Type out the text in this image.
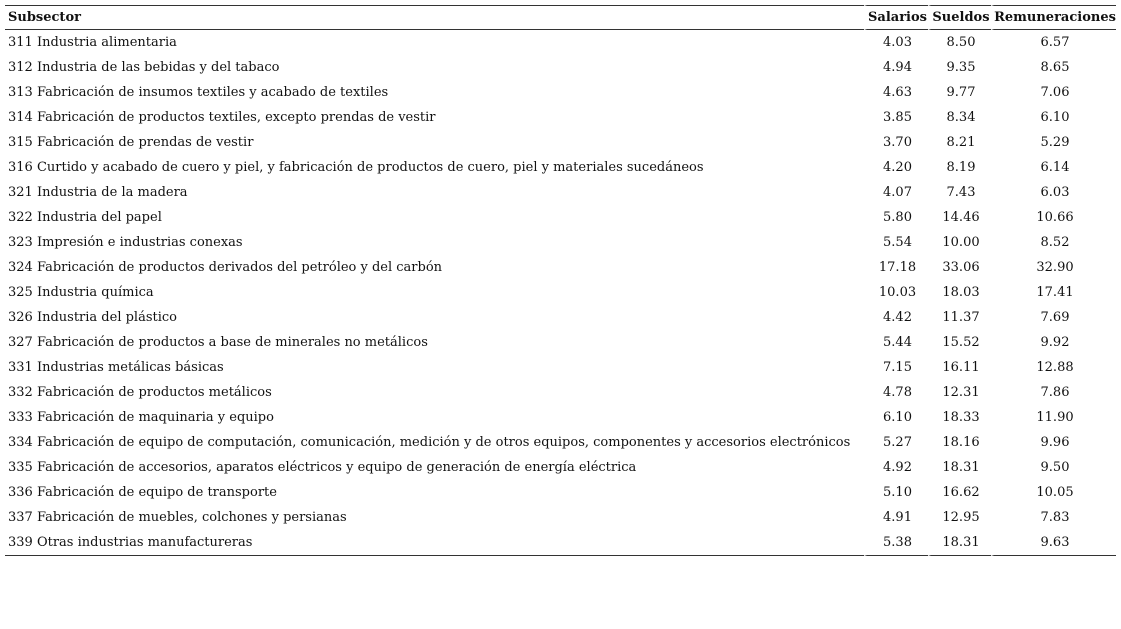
Subsector	Salarios	Sueldos	Remuneraciones
311 Industria alimentaria	4.03	8.50	6.57
312 Industria de las bebidas y del tabaco	4.94	9.35	8.65
313 Fabricación de insumos textiles y acabado de textiles	4.63	9.77	7.06
314 Fabricación de productos textiles, excepto prendas de vestir	3.85	8.34	6.10
315 Fabricación de prendas de vestir	3.70	8.21	5.29
316 Curtido y acabado de cuero y piel, y fabricación de productos de cuero, piel y materiales sucedáneos	4.20	8.19	6.14
321 Industria de la madera	4.07	7.43	6.03
322 Industria del papel	5.80	14.46	10.66
323 Impresión e industrias conexas	5.54	10.00	8.52
324 Fabricación de productos derivados del petróleo y del carbón	17.18	33.06	32.90
325 Industria química	10.03	18.03	17.41
326 Industria del plástico	4.42	11.37	7.69
327 Fabricación de productos a base de minerales no metálicos	5.44	15.52	9.92
331 Industrias metálicas básicas	7.15	16.11	12.88
332 Fabricación de productos metálicos	4.78	12.31	7.86
333 Fabricación de maquinaria y equipo	6.10	18.33	11.90
334 Fabricación de equipo de computación, comunicación, medición y de otros equipos, componentes y accesorios electrónicos	5.27	18.16	9.96
335 Fabricación de accesorios, aparatos eléctricos y equipo de generación de energía eléctrica	4.92	18.31	9.50
336 Fabricación de equipo de transporte	5.10	16.62	10.05
337 Fabricación de muebles, colchones y persianas	4.91	12.95	7.83
339 Otras industrias manufactureras	5.38	18.31	9.63
